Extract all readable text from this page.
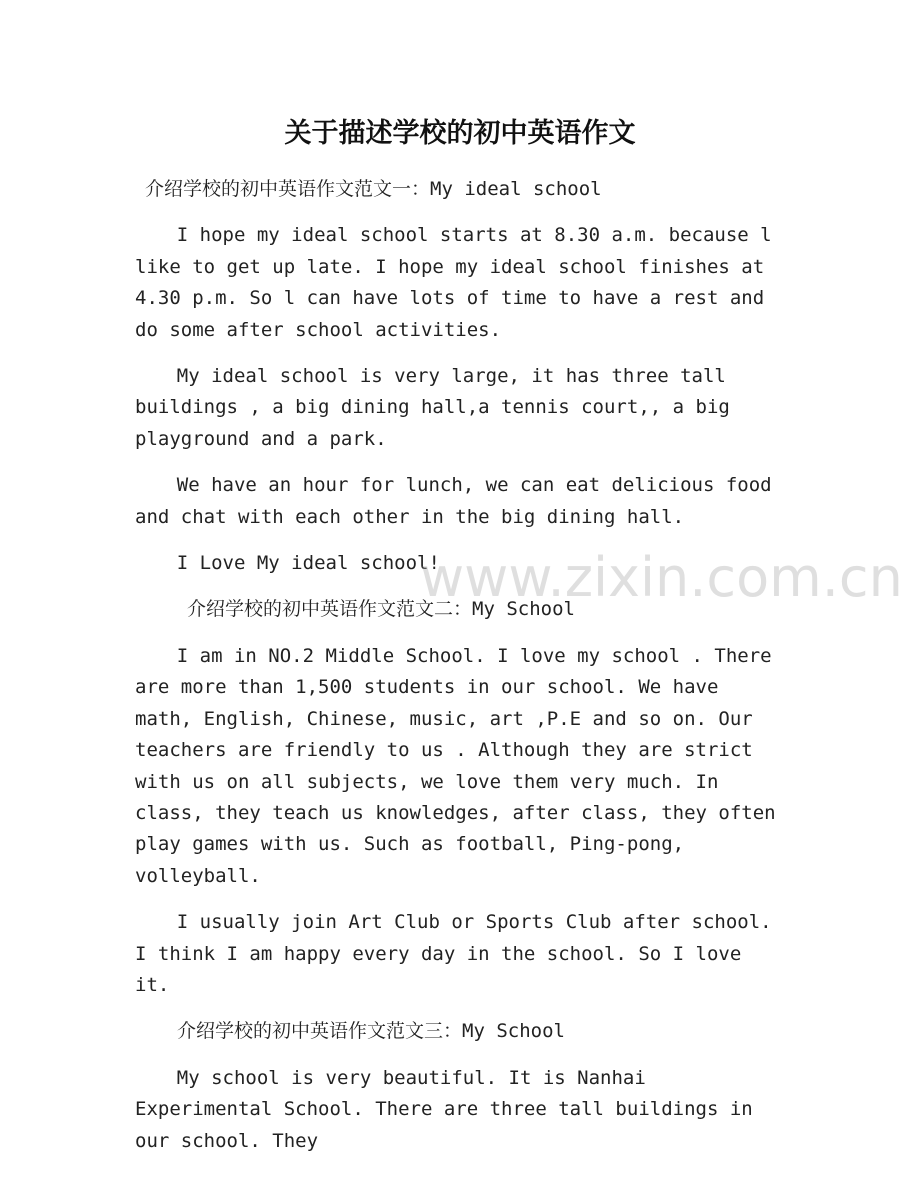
关于描述学校的初中英语作文
介绍学校的初中英语作文范文一：My ideal school

I hope my ideal school starts at 8.30 a.m. because l like to get up late. I hope my ideal school finishes at 4.30 p.m. So l can have lots of time to have a rest and do some after school activities.

My ideal school is very large, it has three tall buildings , a big dining hall,a tennis court,, a big playground and a park.

We have an hour for lunch, we can eat delicious food and chat with each other in the big dining hall.

I Love My ideal school!

介绍学校的初中英语作文范文二：My School

I am in NO.2 Middle School. I love my school . There are more than 1,500 students in our school. We have math, English, Chinese, music, art ,P.E and so on. Our teachers are friendly to us . Although they are strict with us on all subjects, we love them very much. In class, they teach us knowledges, after class, they often play games with us. Such as football, Ping-pong, volleyball.

I usually join Art Club or Sports Club after school. I think I am happy every day in the school. So I love it.

介绍学校的初中英语作文范文三：My School

My school is very beautiful. It is Nanhai Experimental School. There are three tall buildings in our school. They

www.zixin.com.cn
